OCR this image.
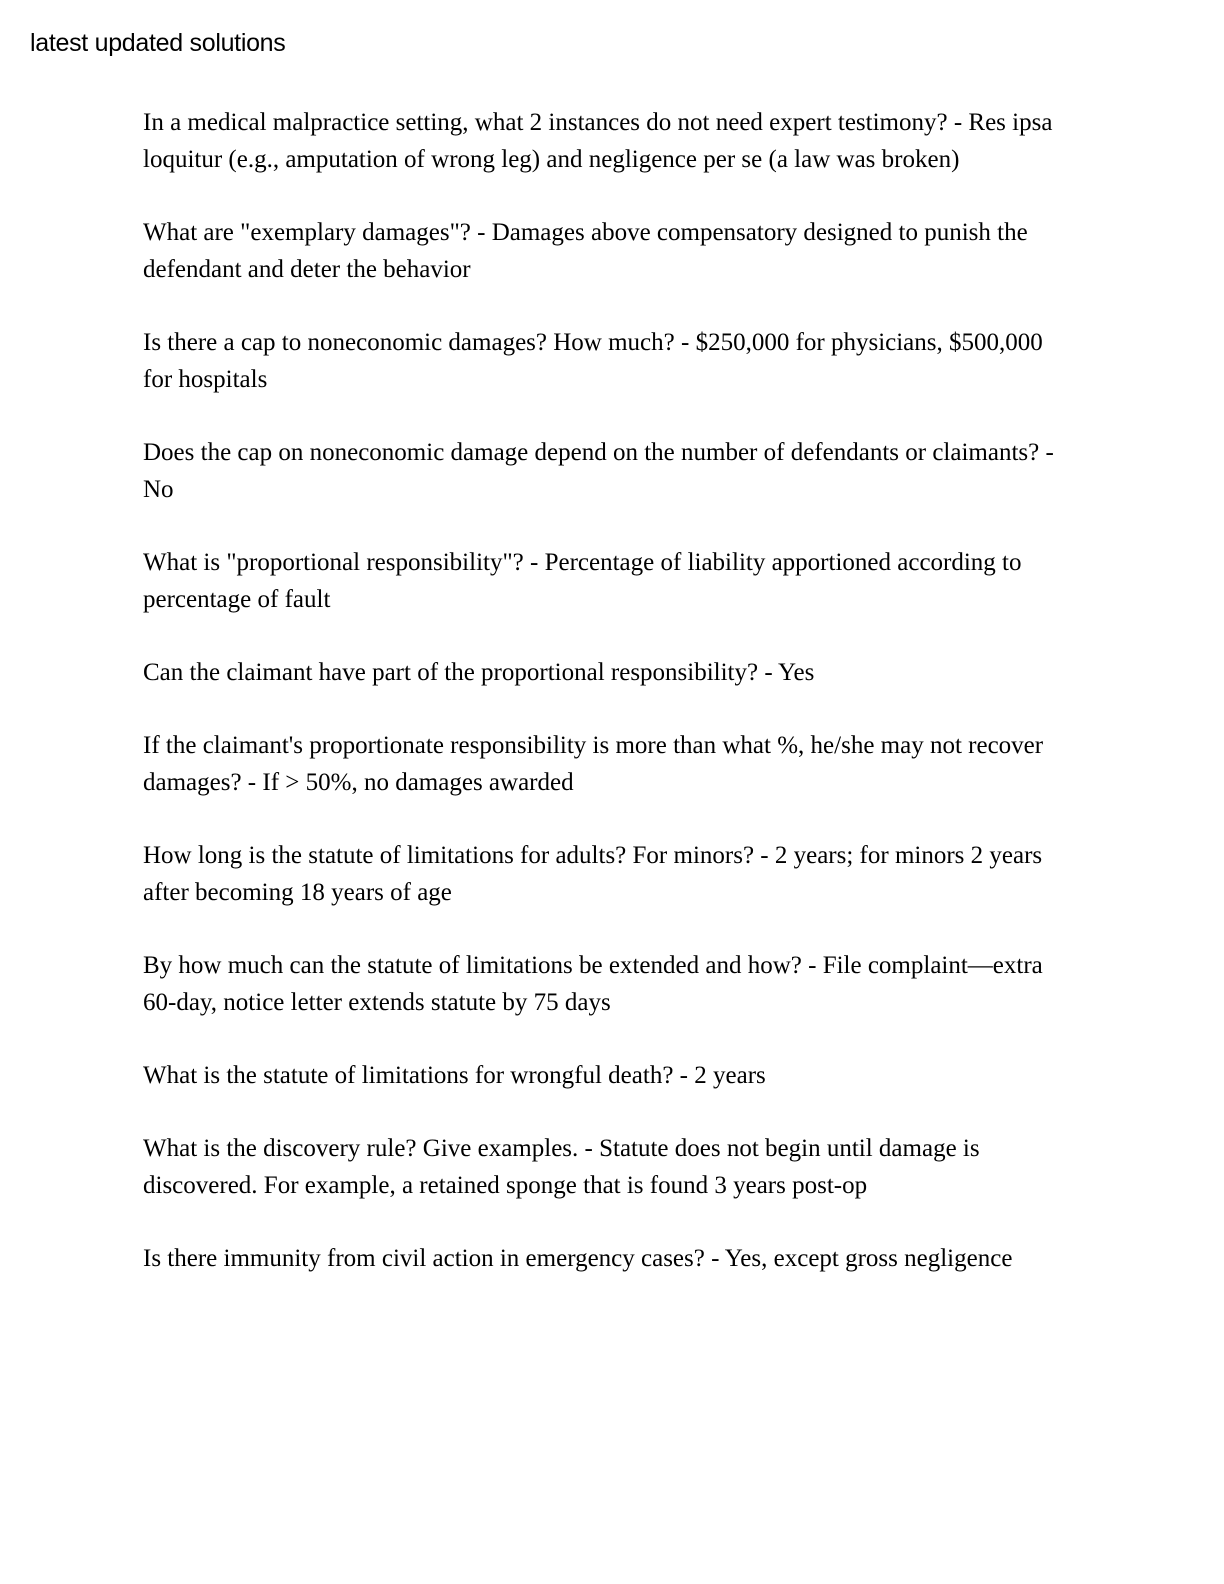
latest updated solutions
In a medical malpractice setting, what 2 instances do not need expert testimony? - Res ipsa loquitur (e.g., amputation of wrong leg) and negligence per se (a law was broken)
What are "exemplary damages"? - Damages above compensatory designed to punish the defendant and deter the behavior
Is there a cap to noneconomic damages? How much? - $250,000 for physicians, $500,000 for hospitals
Does the cap on noneconomic damage depend on the number of defendants or claimants? - No
What is "proportional responsibility"? - Percentage of liability apportioned according to percentage of fault
Can the claimant have part of the proportional responsibility? - Yes
If the claimant's proportionate responsibility is more than what %, he/she may not recover damages? - If > 50%, no damages awarded
How long is the statute of limitations for adults? For minors? - 2 years; for minors 2 years after becoming 18 years of age
By how much can the statute of limitations be extended and how? - File complaint—extra 60-day, notice letter extends statute by 75 days
What is the statute of limitations for wrongful death? - 2 years
What is the discovery rule? Give examples. - Statute does not begin until damage is discovered. For example, a retained sponge that is found 3 years post-op
Is there immunity from civil action in emergency cases? - Yes, except gross negligence
